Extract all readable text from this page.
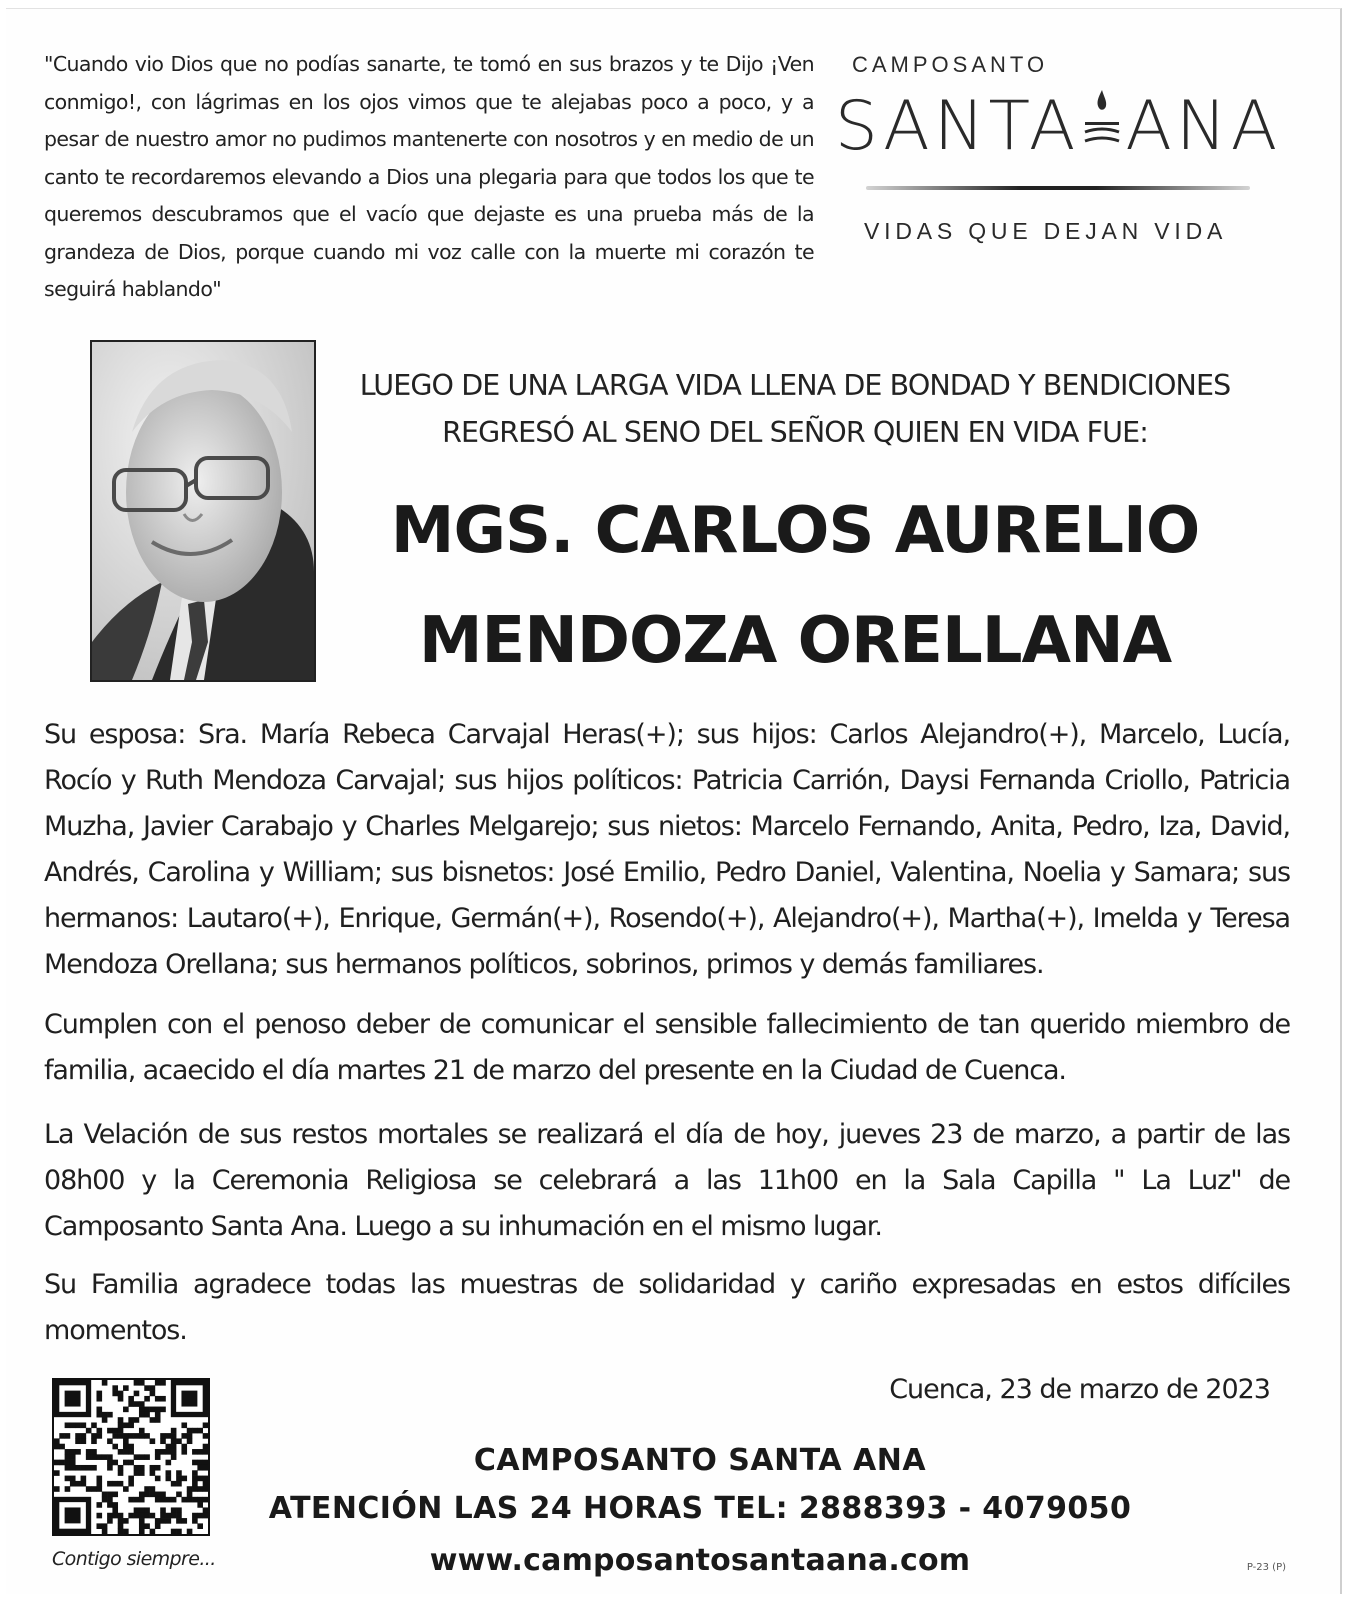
"Cuando vio Dios que no podías sanarte, te tomó en sus brazos y te Dijo ¡Ven conmigo!, con lágrimas en los ojos vimos que te alejabas poco a poco, y a pesar de nuestro amor no pudimos mantenerte con nosotros y en medio de un canto te recordaremos elevando a Dios una plegaria para que todos los que te queremos descubramos que el vacío que dejaste es una prueba más de la grandeza de Dios, porque cuando mi voz calle con la muerte mi corazón te seguirá hablando"
CAMPOSANTO
SANTA ANA
VIDAS QUE DEJAN VIDA
LUEGO DE UNA LARGA VIDA LLENA DE BONDAD Y BENDICIONES
REGRESÓ AL SENO DEL SEÑOR QUIEN EN VIDA FUE:
MGS. CARLOS AURELIO
MENDOZA ORELLANA
Su esposa: Sra. María Rebeca Carvajal Heras(+); sus hijos: Carlos Alejandro(+), Marcelo, Lucía, Rocío y Ruth Mendoza Carvajal; sus hijos políticos: Patricia Carrión, Daysi Fernanda Criollo, Patricia Muzha, Javier Carabajo y Charles Melgarejo; sus nietos: Marcelo Fernando, Anita, Pedro, Iza, David, Andrés, Carolina y William; sus bisnetos: José Emilio, Pedro Daniel, Valentina, Noelia y Samara; sus hermanos: Lautaro(+), Enrique, Germán(+), Rosendo(+), Alejandro(+), Martha(+), Imelda y Teresa Mendoza Orellana; sus hermanos políticos, sobrinos, primos y demás familiares.
Cumplen con el penoso deber de comunicar el sensible fallecimiento de tan querido miembro de familia, acaecido el día martes 21 de marzo del presente en la Ciudad de Cuenca.
La Velación de sus restos mortales se realizará el día de hoy, jueves 23 de marzo, a partir de las 08h00 y la Ceremonia Religiosa se celebrará a las 11h00 en la Sala Capilla " La Luz" de Camposanto Santa Ana. Luego a su inhumación en el mismo lugar.
Su Familia agradece todas las muestras de solidaridad y cariño expresadas en estos difíciles momentos.
Contigo siempre...
Cuenca, 23 de marzo de 2023
CAMPOSANTO SANTA ANA
ATENCIÓN LAS 24 HORAS TEL: 2888393 - 4079050
www.camposantosantaana.com	P-23 (P)
